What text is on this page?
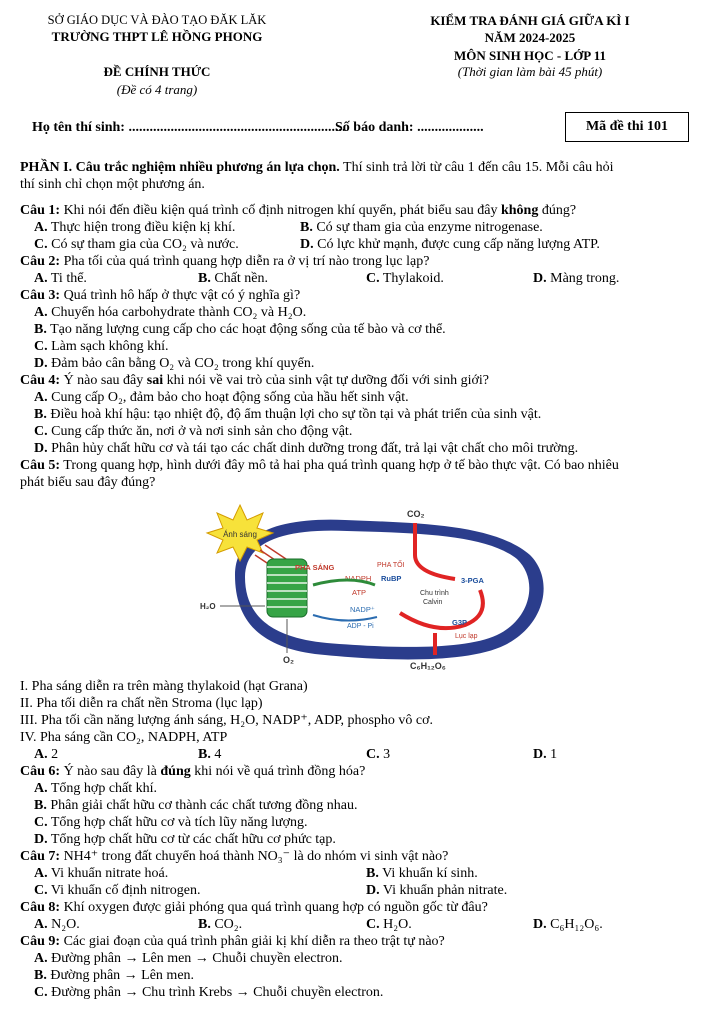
SỞ GIÁO DỤC VÀ ĐÀO TẠO ĐĂK LĂK
TRƯỜNG THPT LÊ HỒNG PHONG
KIỂM TRA ĐÁNH GIÁ GIỮA KÌ I
NĂM 2024-2025
MÔN SINH HỌC - LỚP 11
ĐỀ CHÍNH THỨC
(Đề có 4 trang)
(Thời gian làm bài 45 phút)
Họ tên thí sinh: ..............................................................
Số báo danh: ...................	Mã đề thi 101
PHẦN I. Câu trắc nghiệm nhiều phương án lựa chọn. Thí sinh trả lời từ câu 1 đến câu 15. Mỗi câu hỏi
thí sinh chỉ chọn một phương án.
Câu 1: Khi nói đến điều kiện quá trình cố định nitrogen khí quyển, phát biểu sau đây không đúng?
A. Thực hiện trong điều kiện kị khí.	B. Có sự tham gia của enzyme nitrogenase.
C. Có sự tham gia của CO₂ và nước.	D. Có lực khử mạnh, được cung cấp năng lượng ATP.
Câu 2: Pha tối của quá trình quang hợp diễn ra ở vị trí nào trong lục lạp?
A. Ti thể.	B. Chất nền.	C. Thylakoid.	D. Màng trong.
Câu 3: Quá trình hô hấp ở thực vật có ý nghĩa gì?
A. Chuyển hóa carbohydrate thành CO₂ và H₂O.
B. Tạo năng lượng cung cấp cho các hoạt động sống của tế bào và cơ thể.
C. Làm sạch không khí.
D. Đảm bảo cân bằng O₂ và CO₂ trong khí quyển.
Câu 4: Ý nào sau đây sai khi nói về vai trò của sinh vật tự dưỡng đối với sinh giới?
A. Cung cấp O₂, đảm bảo cho hoạt động sống của hầu hết sinh vật.
B. Điều hoà khí hậu: tạo nhiệt độ, độ ẩm thuận lợi cho sự tồn tại và phát triển của sinh vật.
C. Cung cấp thức ăn, nơi ở và nơi sinh sản cho động vật.
D. Phân hủy chất hữu cơ và tái tạo các chất dinh dưỡng trong đất, trả lại vật chất cho môi trường.
Câu 5: Trong quang hợp, hình dưới đây mô tả hai pha quá trình quang hợp ở tế bào thực vật. Có bao nhiêu
phát biểu sau đây đúng?
Ánh sáng
PHA SÁNG
H₂O
O₂
NADPH
ATP
NADP⁺
ADP - Pi
PHA TỐI
CO₂
RuBP	3-PGA
Chu trình
Calvin
G3P
Lục lạp
C₆H₁₂O₆
I. Pha sáng diễn ra trên màng thylakoid (hạt Grana)
II. Pha tối diễn ra chất nền Stroma (lục lạp)
III. Pha tối cần năng lượng ánh sáng, H₂O, NADP⁺, ADP, phospho vô cơ.
IV. Pha sáng cần CO₂, NADPH, ATP
A. 2	B. 4	C. 3	D. 1
Câu 6: Ý nào sau đây là đúng khi nói về quá trình đồng hóa?
A. Tổng hợp chất khí.
B. Phân giải chất hữu cơ thành các chất tương đồng nhau.
C. Tổng hợp chất hữu cơ và tích lũy năng lượng.
D. Tổng hợp chất hữu cơ từ các chất hữu cơ phức tạp.
Câu 7: NH4⁺ trong đất chuyển hoá thành NO₃⁻ là do nhóm vi sinh vật nào?
A. Vi khuẩn nitrate hoá.	B. Vi khuẩn kí sinh.
C. Vi khuẩn cố định nitrogen.	D. Vi khuẩn phản nitrate.
Câu 8: Khí oxygen được giải phóng qua quá trình quang hợp có nguồn gốc từ đâu?
A. N₂O.	B. CO₂.	C. H₂O.	D. C₆H₁₂O₆.
Câu 9: Các giai đoạn của quá trình phân giải kị khí diễn ra theo trật tự nào?
A. Đường phân → Lên men → Chuỗi chuyền electron.
B. Đường phân → Lên men.
C. Đường phân → Chu trình Krebs → Chuỗi chuyền electron.
